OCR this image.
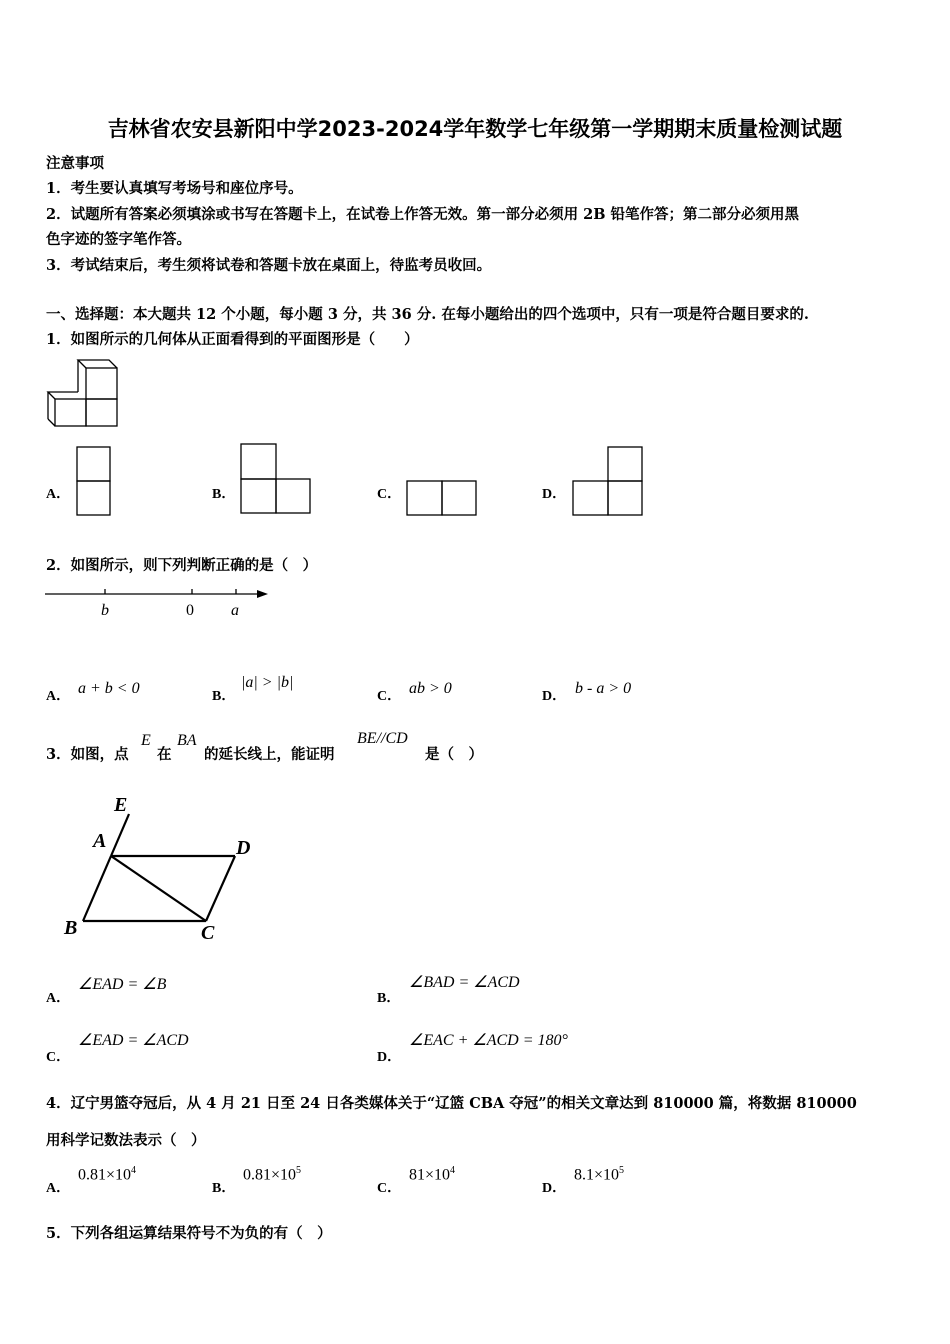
吉林省农安县新阳中学2023-2024学年数学七年级第一学期期末质量检测试题
注意事项
1．考生要认真填写考场号和座位序号。
2．试题所有答案必须填涂或书写在答题卡上，在试卷上作答无效。第一部分必须用 2B 铅笔作答；第二部分必须用黑
色字迹的签字笔作答。
3．考试结束后，考生须将试卷和答题卡放在桌面上，待监考员收回。
一、选择题：本大题共 12 个小题，每小题 3 分，共 36 分. 在每小题给出的四个选项中，只有一项是符合题目要求的.
1．如图所示的几何体从正面看得到的平面图形是（　　）
A．	B．	C．	D．
2．如图所示，则下列判断正确的是（　）
b	0 a
A． a + b < 0	B．
|a| > |b|
C． ab > 0	D． b - a > 0
3．如图，点
E
在
BA
的延长线上，能证明
BE//CD
是（　）
E
A	D
B	C
A．
∠EAD = ∠B
B．
∠BAD = ∠ACD
C．
∠EAD = ∠ACD
D．
∠EAC + ∠ACD = 180°
4．辽宁男篮夺冠后，从 4 月 21 日至 24 日各类媒体关于“辽篮 CBA 夺冠”的相关文章达到 810000 篇，将数据 810000
用科学记数法表示（　）
A．
$0.81\times 10^4$
B．
$0.81\times 10^5$
C．
$81\times 10^4$
D．
$8.1\times 10^5$
5．下列各组运算结果符号不为负的有（　）
